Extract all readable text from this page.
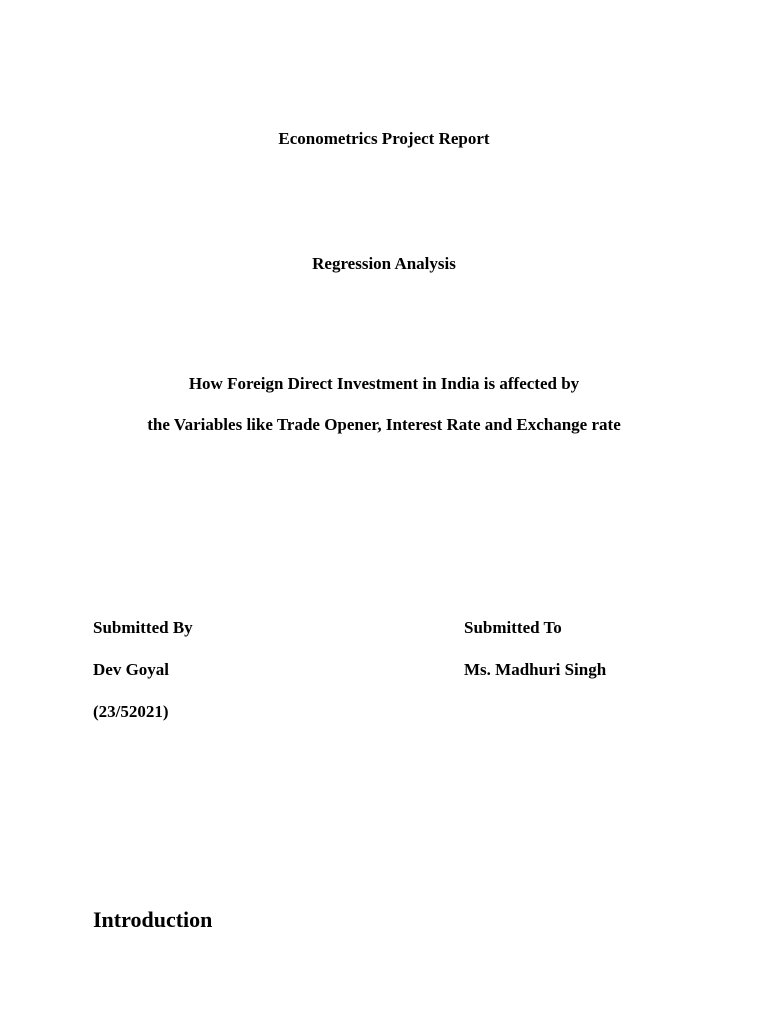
Econometrics Project Report
Regression Analysis
How Foreign Direct Investment in India is affected by
the Variables like Trade Opener, Interest Rate and Exchange rate
Submitted By
Dev Goyal
(23/52021)
Submitted To
Ms. Madhuri Singh
Introduction
